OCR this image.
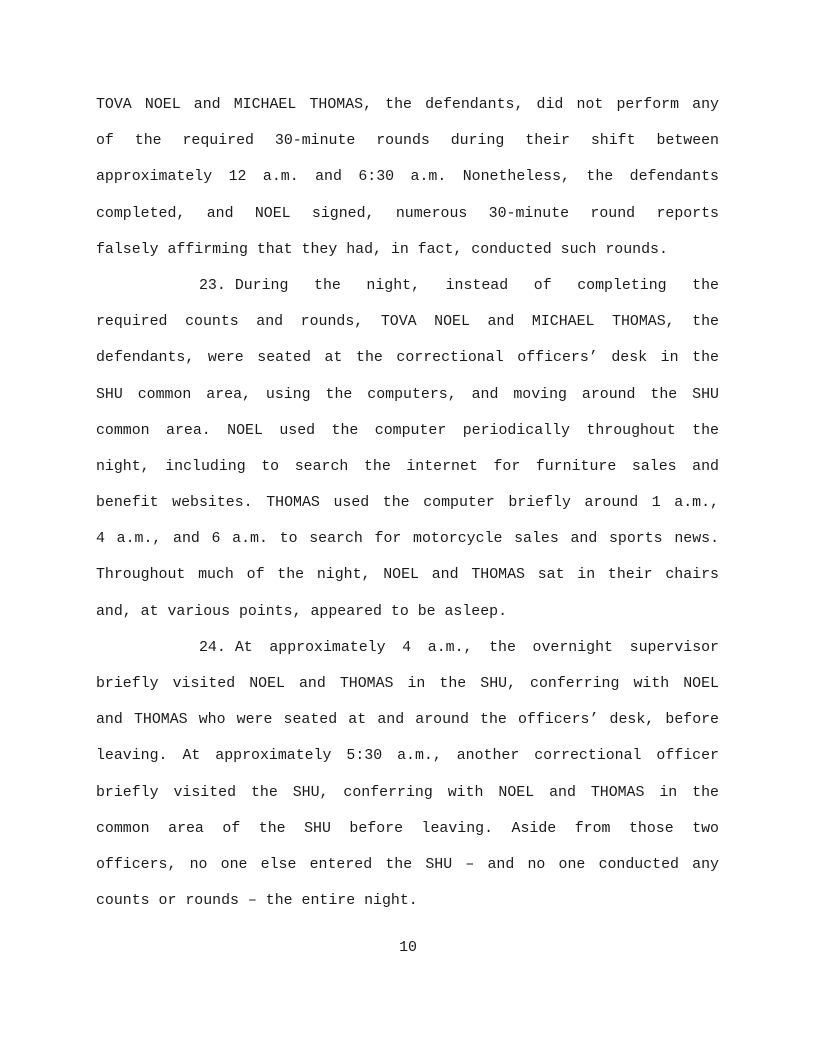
TOVA NOEL and MICHAEL THOMAS, the defendants, did not perform any
of the required 30-minute rounds during their shift between
approximately 12 a.m. and 6:30 a.m. Nonetheless, the defendants
completed, and NOEL signed, numerous 30-minute round reports
falsely affirming that they had, in fact, conducted such rounds.
23. During the night, instead of completing the
required counts and rounds, TOVA NOEL and MICHAEL THOMAS, the
defendants, were seated at the correctional officers’ desk in the
SHU common area, using the computers, and moving around the SHU
common area. NOEL used the computer periodically throughout the
night, including to search the internet for furniture sales and
benefit websites. THOMAS used the computer briefly around 1 a.m.,
4 a.m., and 6 a.m. to search for motorcycle sales and sports news.
Throughout much of the night, NOEL and THOMAS sat in their chairs
and, at various points, appeared to be asleep.
24. At approximately 4 a.m., the overnight supervisor
briefly visited NOEL and THOMAS in the SHU, conferring with NOEL
and THOMAS who were seated at and around the officers’ desk, before
leaving. At approximately 5:30 a.m., another correctional officer
briefly visited the SHU, conferring with NOEL and THOMAS in the
common area of the SHU before leaving. Aside from those two
officers, no one else entered the SHU – and no one conducted any
counts or rounds – the entire night.
10
